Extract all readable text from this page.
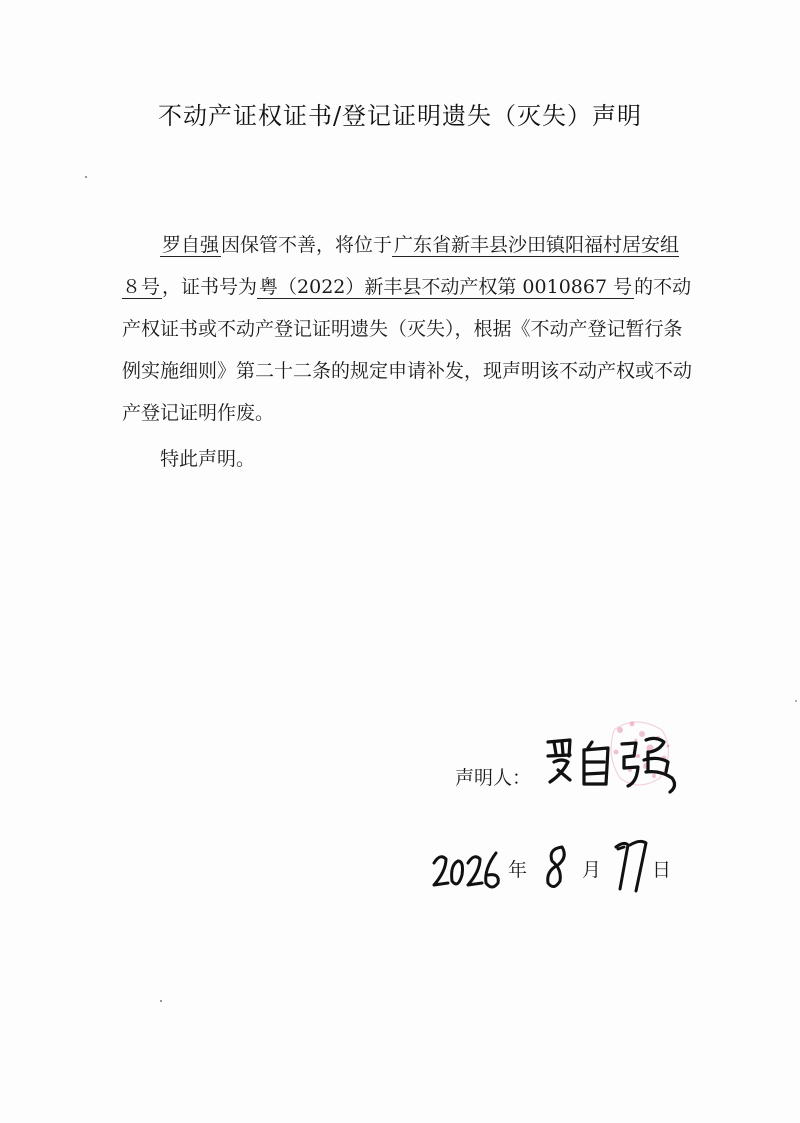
不动产证权证书/登记证明遗失（灭失）声明

罗自强 因保管不善，将位于 广东省新丰县沙田镇阳福村居安组８号 ，证书号为 粤（2022）新丰县不动产权第 0010867 号 的不动产权证书或不动产登记证明遗失（灭失），根据《不动产登记暂行条例实施细则》第二十二条的规定申请补发，现声明该不动产权或不动产登记证明作废。

特此声明。
声明人：
年	月	日
